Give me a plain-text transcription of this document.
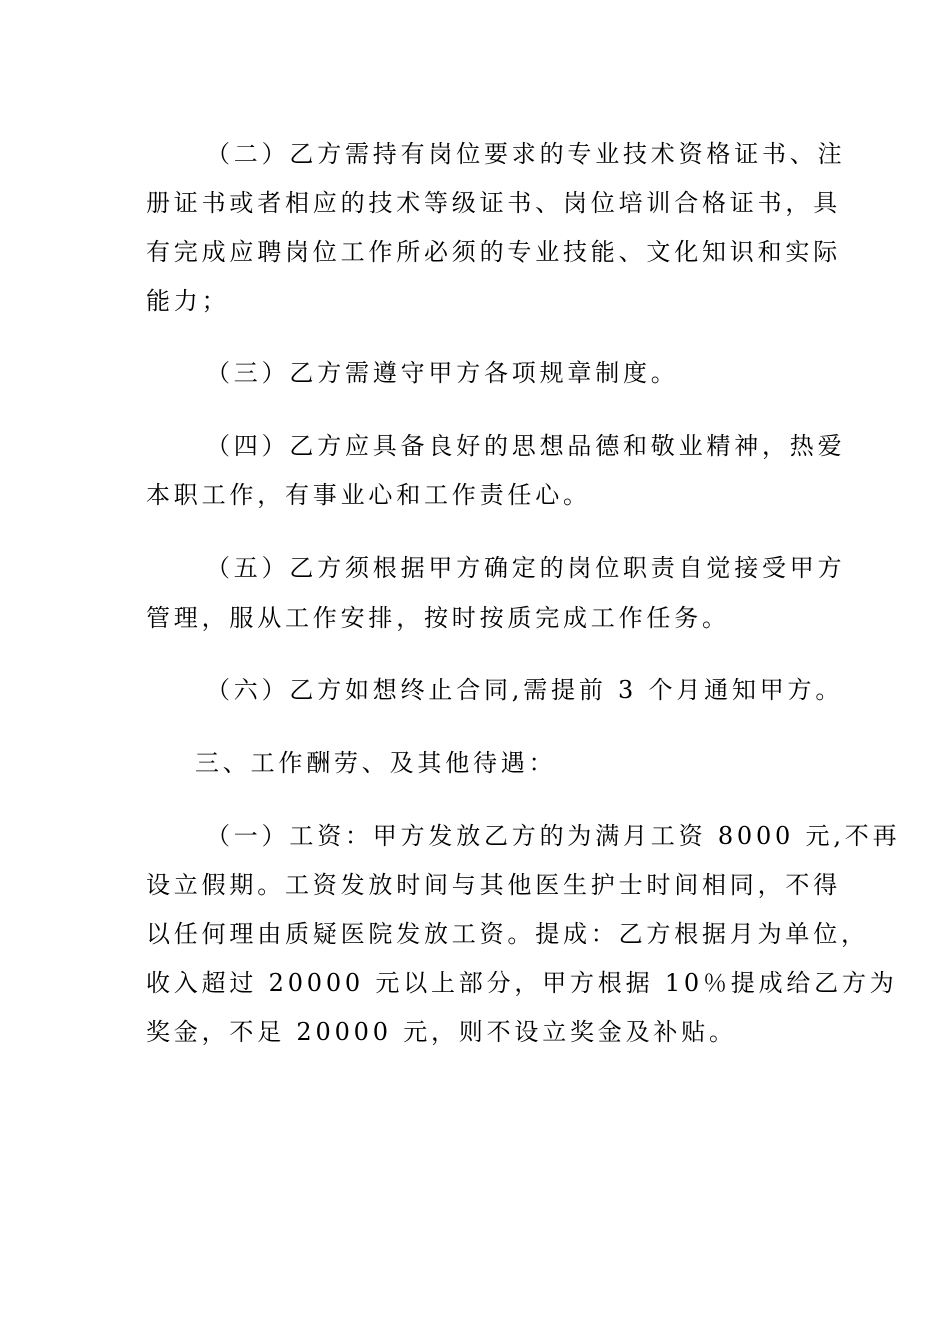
（二）乙方需持有岗位要求的专业技术资格证书、注

册证书或者相应的技术等级证书、岗位培训合格证书，具

有完成应聘岗位工作所必须的专业技能、文化知识和实际

能力；

（三）乙方需遵守甲方各项规章制度。

（四）乙方应具备良好的思想品德和敬业精神，热爱

本职工作，有事业心和工作责任心。

（五）乙方须根据甲方确定的岗位职责自觉接受甲方

管理，服从工作安排，按时按质完成工作任务。

（六）乙方如想终止合同,需提前 3 个月通知甲方。

三、工作酬劳、及其他待遇：

（一）工资：甲方发放乙方的为满月工资 8000 元,不再

设立假期。工资发放时间与其他医生护士时间相同，不得

以任何理由质疑医院发放工资。提成：乙方根据月为单位，

收入超过 20000 元以上部分，甲方根据 10％提成给乙方为

奖金，不足 20000 元，则不设立奖金及补贴。
